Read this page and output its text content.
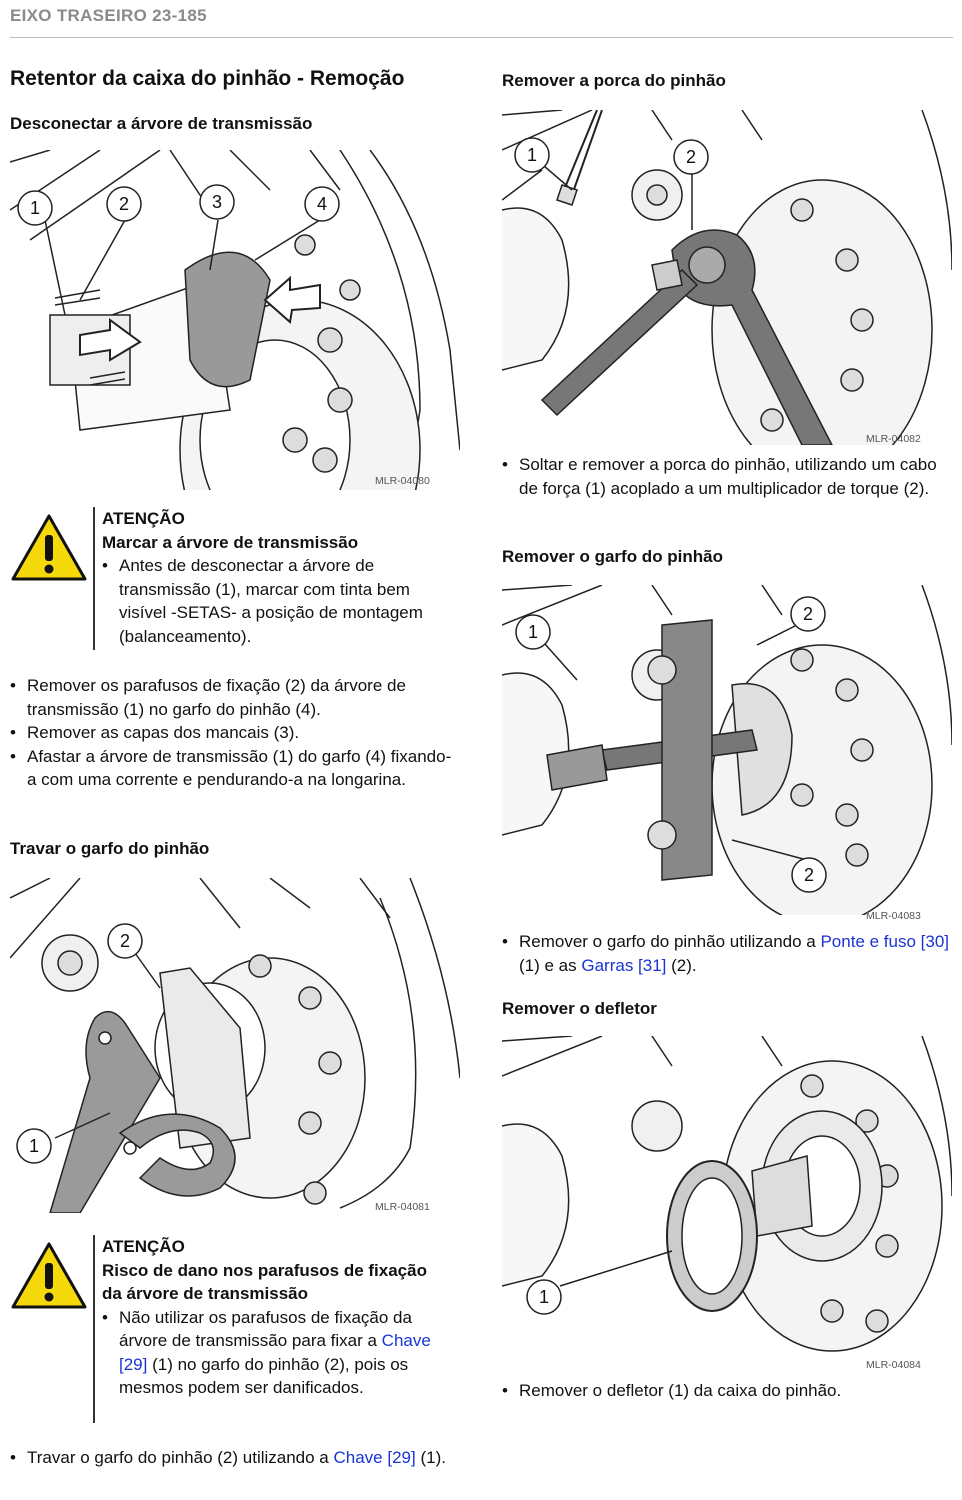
EIXO TRASEIRO 23-185

Retentor da caixa do pinhão - Remoção

Desconectar a árvore de transmissão

1	2	3	4
MLR-04080
ATENÇÃO
Marcar a árvore de transmissão
• Antes de desconectar a árvore de transmissão (1), marcar com tinta bem visível -SETAS- a posição de montagem (balanceamento).
• Remover os parafusos de fixação (2) da árvore de transmissão (1) no garfo do pinhão (4).
• Remover as capas dos mancais (3).
• Afastar a árvore de transmissão (1) do garfo (4) fixando-a com uma corrente e pendurando-a na longarina.

Travar o garfo do pinhão

2
1
MLR-04081
ATENÇÃO
Risco de dano nos parafusos de fixação da árvore de transmissão
• Não utilizar os parafusos de fixação da árvore de transmissão para fixar a Chave [29] (1) no garfo do pinhão (2), pois os mesmos podem ser danificados.
• Travar o garfo do pinhão (2) utilizando a Chave [29] (1).

Remover a porca do pinhão

1	2
MLR-04082
• Soltar e remover a porca do pinhão, utilizando um cabo de força (1) acoplado a um multiplicador de torque (2).

Remover o garfo do pinhão

1
2
2
MLR-04083
• Remover o garfo do pinhão utilizando a Ponte e fuso [30] (1) e as Garras [31] (2).

Remover o defletor

1
MLR-04084
• Remover o defletor (1) da caixa do pinhão.
